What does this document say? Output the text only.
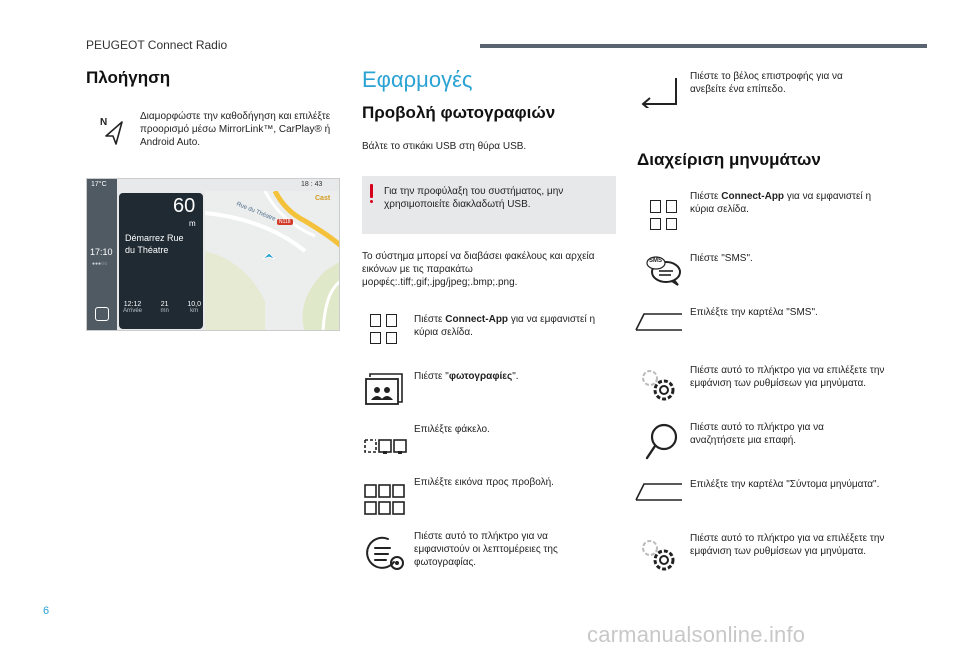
PEUGEOT Connect Radio
Πλοήγηση
N
Διαμορφώστε την καθοδήγηση και επιλέξτε προορισμό μέσω MirrorLink™, CarPlay® ή Android Auto.
17°C
17:10
●●●○○
Cast
N118
Rue du Théatre
18 : 43
60
m
Démarrez Rue du Théatre
12:12
Arrivée
21
mn
10,0
km
Εφαρμογές
Προβολή φωτογραφιών
Βάλτε το στικάκι USB στη θύρα USB.
Για την προφύλαξη του συστήματος, μην χρησιμοποιείτε διακλαδωτή USB.
Το σύστημα μπορεί να διαβάσει φακέλους και αρχεία εικόνων με τις παρακάτω μορφές:.tiff;.gif;.jpg/jpeg;.bmp;.png.
Πιέστε Connect-App για να εμφανιστεί η κύρια σελίδα.
Πιέστε "φωτογραφίες".
Επιλέξτε φάκελο.
Επιλέξτε εικόνα προς προβολή.
Πιέστε αυτό το πλήκτρο για να εμφανιστούν οι λεπτομέρειες της φωτογραφίας.
Πιέστε το βέλος επιστροφής για να ανεβείτε ένα επίπεδο.
Διαχείριση μηνυμάτων
Πιέστε Connect-App για να εμφανιστεί η κύρια σελίδα.
SMS	Πιέστε "SMS".
Επιλέξτε την καρτέλα "SMS".
Πιέστε αυτό το πλήκτρο για να επιλέξετε την εμφάνιση των ρυθμίσεων για μηνύματα.
Πιέστε αυτό το πλήκτρο για να αναζητήσετε μια επαφή.
Επιλέξτε την καρτέλα "Σύντομα μηνύματα".
Πιέστε αυτό το πλήκτρο για να επιλέξετε την εμφάνιση των ρυθμίσεων για μηνύματα.
6
carmanualsonline.info
